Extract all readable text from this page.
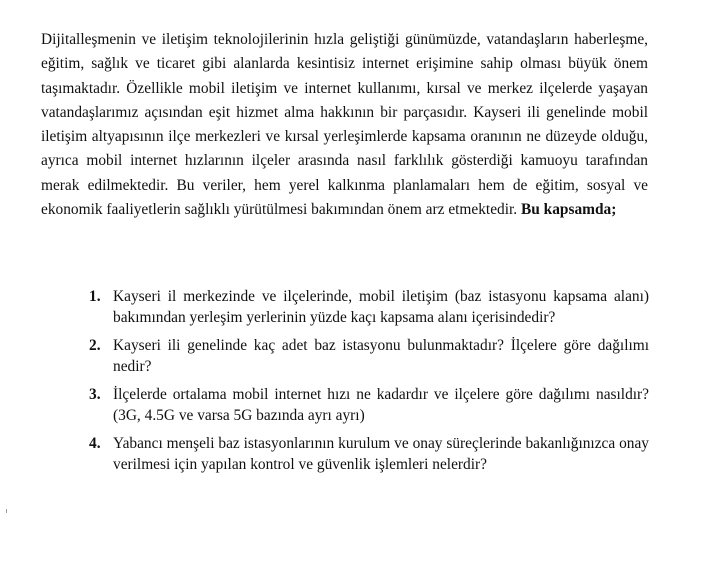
Dijitalleşmenin ve iletişim teknolojilerinin hızla geliştiği günümüzde, vatandaşların haberleşme, eğitim, sağlık ve ticaret gibi alanlarda kesintisiz internet erişimine sahip olması büyük önem taşımaktadır. Özellikle mobil iletişim ve internet kullanımı, kırsal ve merkez ilçelerde yaşayan vatandaşlarımız açısından eşit hizmet alma hakkının bir parçasıdır. Kayseri ili genelinde mobil iletişim altyapısının ilçe merkezleri ve kırsal yerleşimlerde kapsama oranının ne düzeyde olduğu, ayrıca mobil internet hızlarının ilçeler arasında nasıl farklılık gösterdiği kamuoyu tarafından merak edilmektedir. Bu veriler, hem yerel kalkınma planlamaları hem de eğitim, sosyal ve ekonomik faaliyetlerin sağlıklı yürütülmesi bakımından önem arz etmektedir. Bu kapsamda;

1. Kayseri il merkezinde ve ilçelerinde, mobil iletişim (baz istasyonu kapsama alanı) bakımından yerleşim yerlerinin yüzde kaçı kapsama alanı içerisindedir?
2. Kayseri ili genelinde kaç adet baz istasyonu bulunmaktadır? İlçelere göre dağılımı nedir?
3. İlçelerde ortalama mobil internet hızı ne kadardır ve ilçelere göre dağılımı nasıldır? (3G, 4.5G ve varsa 5G bazında ayrı ayrı)
4. Yabancı menşeli baz istasyonlarının kurulum ve onay süreçlerinde bakanlığınızca onay verilmesi için yapılan kontrol ve güvenlik işlemleri nelerdir?
